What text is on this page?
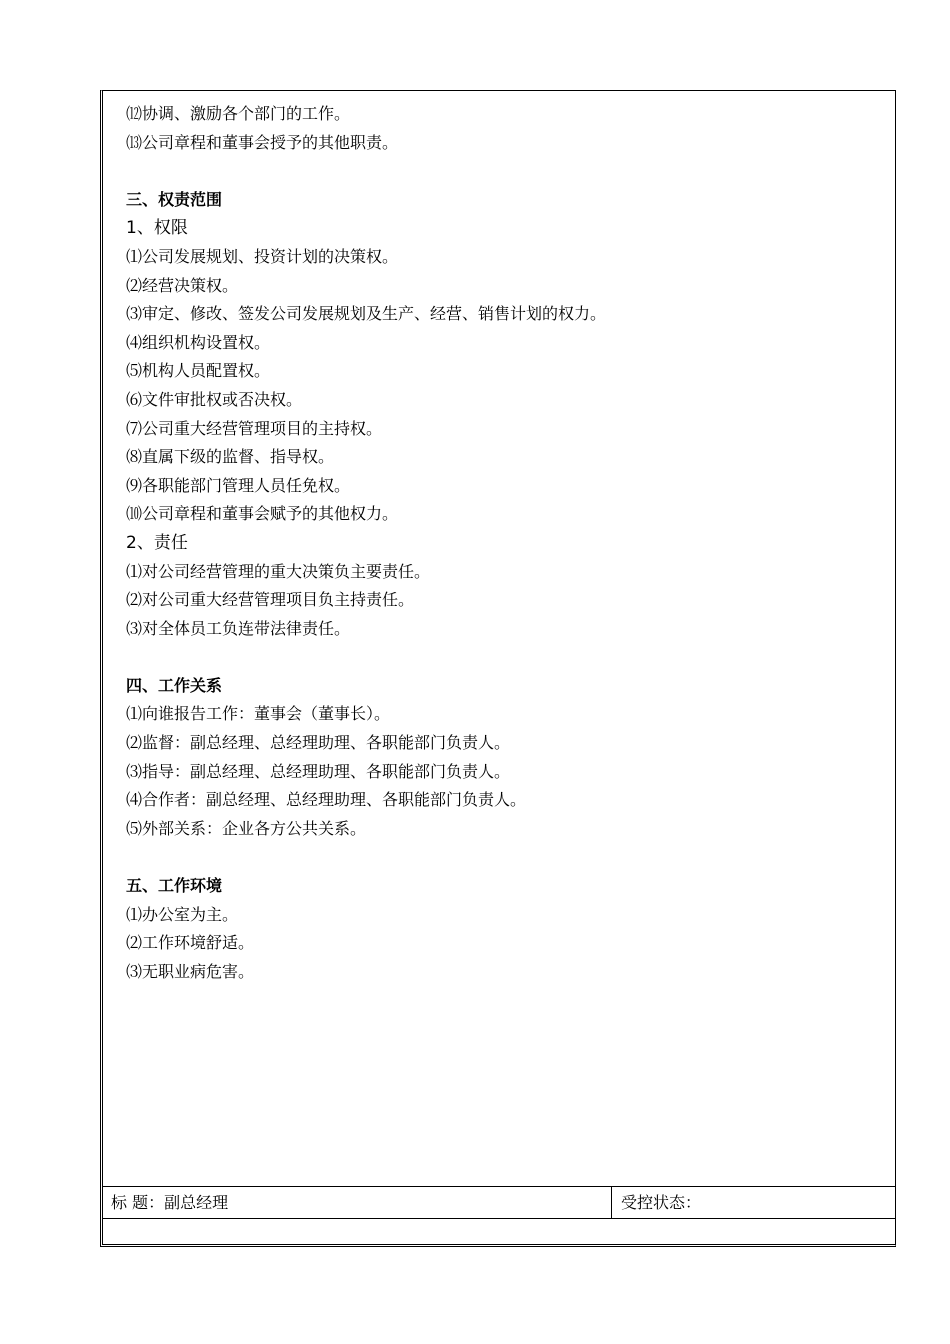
⑿协调、激励各个部门的工作。
⒀公司章程和董事会授予的其他职责。
三、权责范围
1、权限
⑴公司发展规划、投资计划的决策权。
⑵经营决策权。
⑶审定、修改、签发公司发展规划及生产、经营、销售计划的权力。
⑷组织机构设置权。
⑸机构人员配置权。
⑹文件审批权或否决权。
⑺公司重大经营管理项目的主持权。
⑻直属下级的监督、指导权。
⑼各职能部门管理人员任免权。
⑽公司章程和董事会赋予的其他权力。
2、责任
⑴对公司经营管理的重大决策负主要责任。
⑵对公司重大经营管理项目负主持责任。
⑶对全体员工负连带法律责任。
四、工作关系
⑴向谁报告工作：董事会（董事长）。
⑵监督：副总经理、总经理助理、各职能部门负责人。
⑶指导：副总经理、总经理助理、各职能部门负责人。
⑷合作者：副总经理、总经理助理、各职能部门负责人。
⑸外部关系：企业各方公共关系。
五、工作环境
⑴办公室为主。
⑵工作环境舒适。
⑶无职业病危害。
标 题：副总经理	受控状态：
